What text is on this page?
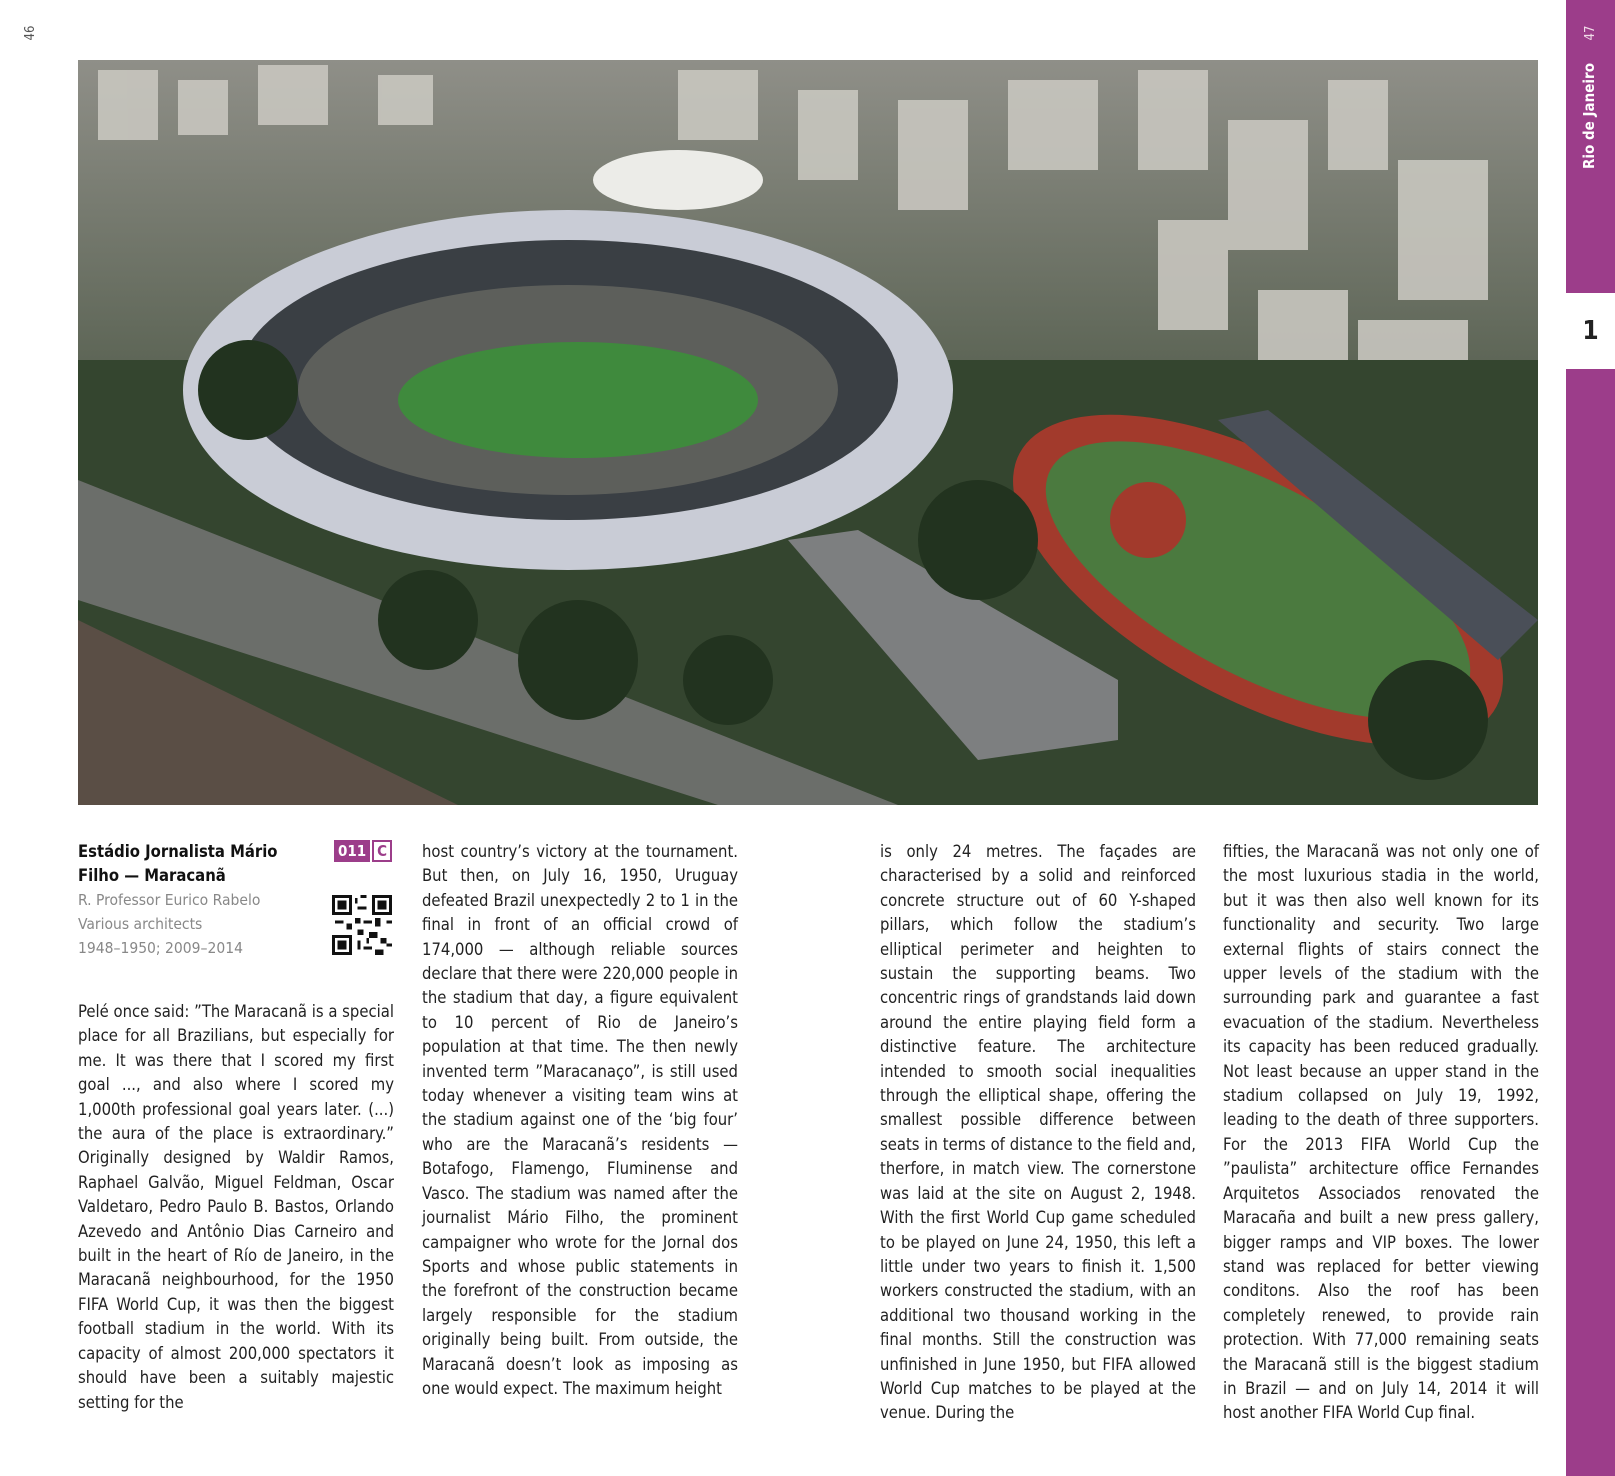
46	47
Rio de Janeiro
1
Estádio Jornalista Mário Filho — Maracanã
R. Professor Eurico Rabelo
Various architects
1948–1950; 2009–2014
011 C

Pelé once said: ”The Maracanã is a special place for all Brazilians, but especially for me. It was there that I scored my first goal ..., and also where I scored my 1,000th professional goal years later. (...) the aura of the place is extraordinary.” Originally designed by Waldir Ramos, Raphael Galvão, Miguel Feldman, Oscar Valdetaro, Pedro Paulo B. Bastos, Orlando Azevedo and Antônio Dias Carneiro and built in the heart of Río de Janeiro, in the Maracanã neighbourhood, for the 1950 FIFA World Cup, it was then the biggest football stadium in the world. With its capacity of almost 200,000 spectators it should have been a suitably majestic setting for the

host country’s victory at the tournament. But then, on July 16, 1950, Uruguay defeated Brazil unexpectedly 2 to 1 in the final in front of an official crowd of 174,000 — although reliable sources declare that there were 220,000 people in the stadium that day, a figure equivalent to 10 percent of Rio de Janeiro’s population at that time. The then newly invented term ”Maracanaço”, is still used today whenever a visiting team wins at the stadium against one of the ‘big four’ who are the Maracanã’s residents — Botafogo, Flamengo, Fluminense and Vasco. The stadium was named after the journalist Mário Filho, the prominent campaigner who wrote for the Jornal dos Sports and whose public statements in the forefront of the construction became largely responsible for the stadium originally being built. From outside, the Maracanã doesn’t look as imposing as one would expect. The maximum height

is only 24 metres. The façades are characterised by a solid and reinforced concrete structure out of 60 Y-shaped pillars, which follow the stadium’s elliptical perimeter and heighten to sustain the supporting beams. Two concentric rings of grandstands laid down around the entire playing field form a distinctive feature. The architecture intended to smooth social inequalities through the elliptical shape, offering the smallest possible difference between seats in terms of distance to the field and, therfore, in match view. The cornerstone was laid at the site on August 2, 1948. With the first World Cup game scheduled to be played on June 24, 1950, this left a little under two years to finish it. 1,500 workers constructed the stadium, with an additional two thousand working in the final months. Still the construction was unfinished in June 1950, but FIFA allowed World Cup matches to be played at the venue. During the

fifties, the Maracanã was not only one of the most luxurious stadia in the world, but it was then also well known for its functionality and security. Two large external flights of stairs connect the upper levels of the stadium with the surrounding park and guarantee a fast evacuation of the stadium. Nevertheless its capacity has been reduced gradually. Not least because an upper stand in the stadium collapsed on July 19, 1992, leading to the death of three supporters. For the 2013 FIFA World Cup the ”paulista” architecture office Fernandes Arquitetos Associados renovated the Maracaña and built a new press gallery, bigger ramps and VIP boxes. The lower stand was replaced for better viewing conditons. Also the roof has been completely renewed, to provide rain protection. With 77,000 remaining seats the Maracanã still is the biggest stadium in Brazil — and on July 14, 2014 it will host another FIFA World Cup final.
